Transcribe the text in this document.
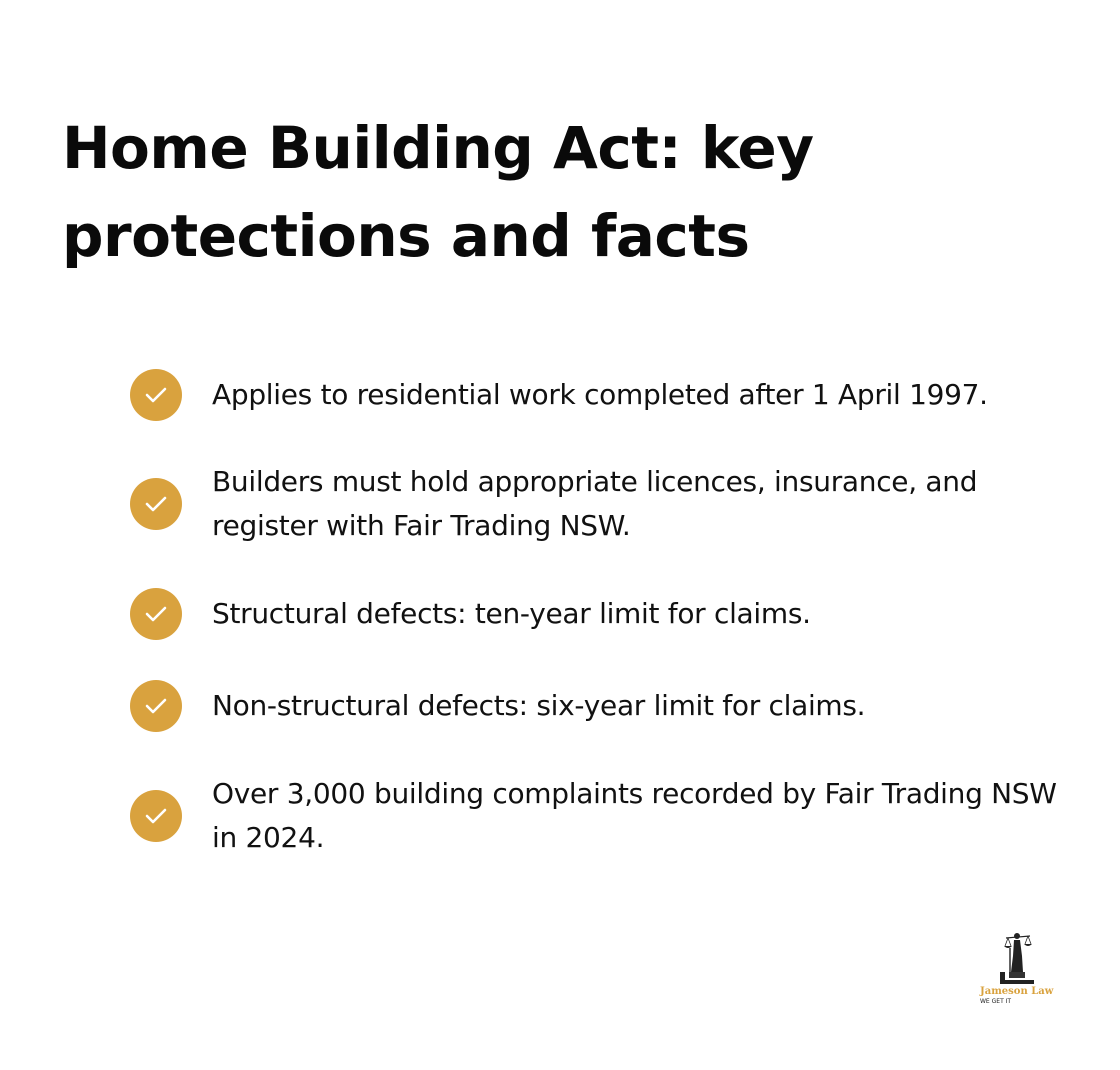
Home Building Act: key protections and facts
Applies to residential work completed after 1 April 1997.
Builders must hold appropriate licences, insurance, and register with Fair Trading NSW.
Structural defects: ten-year limit for claims.
Non-structural defects: six-year limit for claims.
Over 3,000 building complaints recorded by Fair Trading NSW in 2024.
Jameson Law
WE GET IT
